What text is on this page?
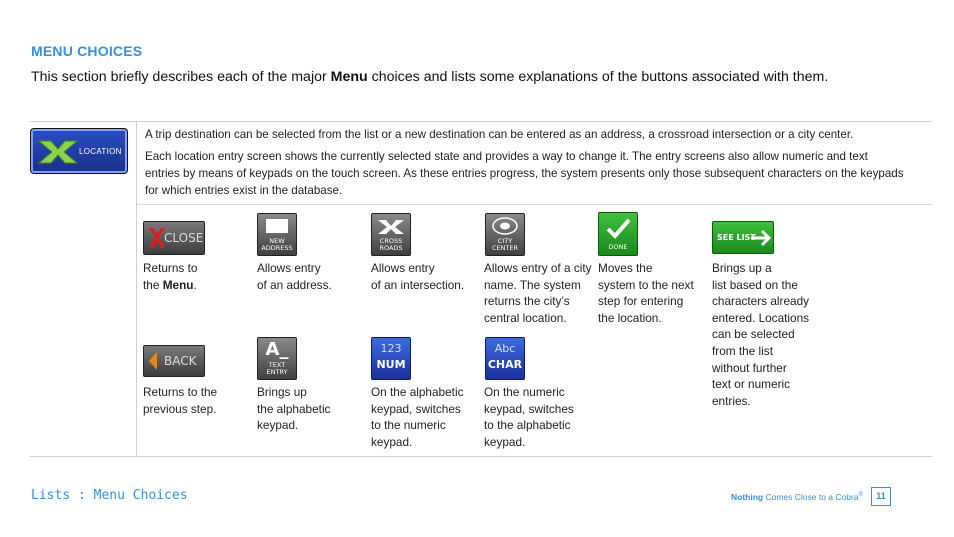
MENU CHOICES
This section briefly describes each of the major Menu choices and lists some explanations of the buttons associated with them.
LOCATION
A trip destination can be selected from the list or a new destination can be entered as an address, a crossroad intersection or a city center.
Each location entry screen shows the currently selected state and provides a way to change it. The entry screens also allow numeric and text entries by means of keypads on the touch screen. As these entries progress, the system presents only those subsequent characters on the keypads for which entries exist in the database.
CLOSE
Returns to
the Menu.
NEW
ADDRESS
Allows entry
of an address.
CROSS
ROADS
Allows entry
of an intersection.
CITY
CENTER
Allows entry of a city
name. The system
returns the city’s
central location.
DONE
Moves the
system to the next
step for entering
the location.
SEE LIST
Brings up a
list based on the
characters already
entered. Locations
can be selected
from the list
without further
text or numeric
entries.
BACK
Returns to the
previous step.
A_
TEXT
ENTRY
Brings up
the alphabetic
keypad.
123
NUM
On the alphabetic
keypad, switches
to the numeric
keypad.
Abc
CHAR
On the numeric
keypad, switches
to the alphabetic
keypad.
Lists : Menu Choices	Nothing Comes Close to a Cobra®	11
